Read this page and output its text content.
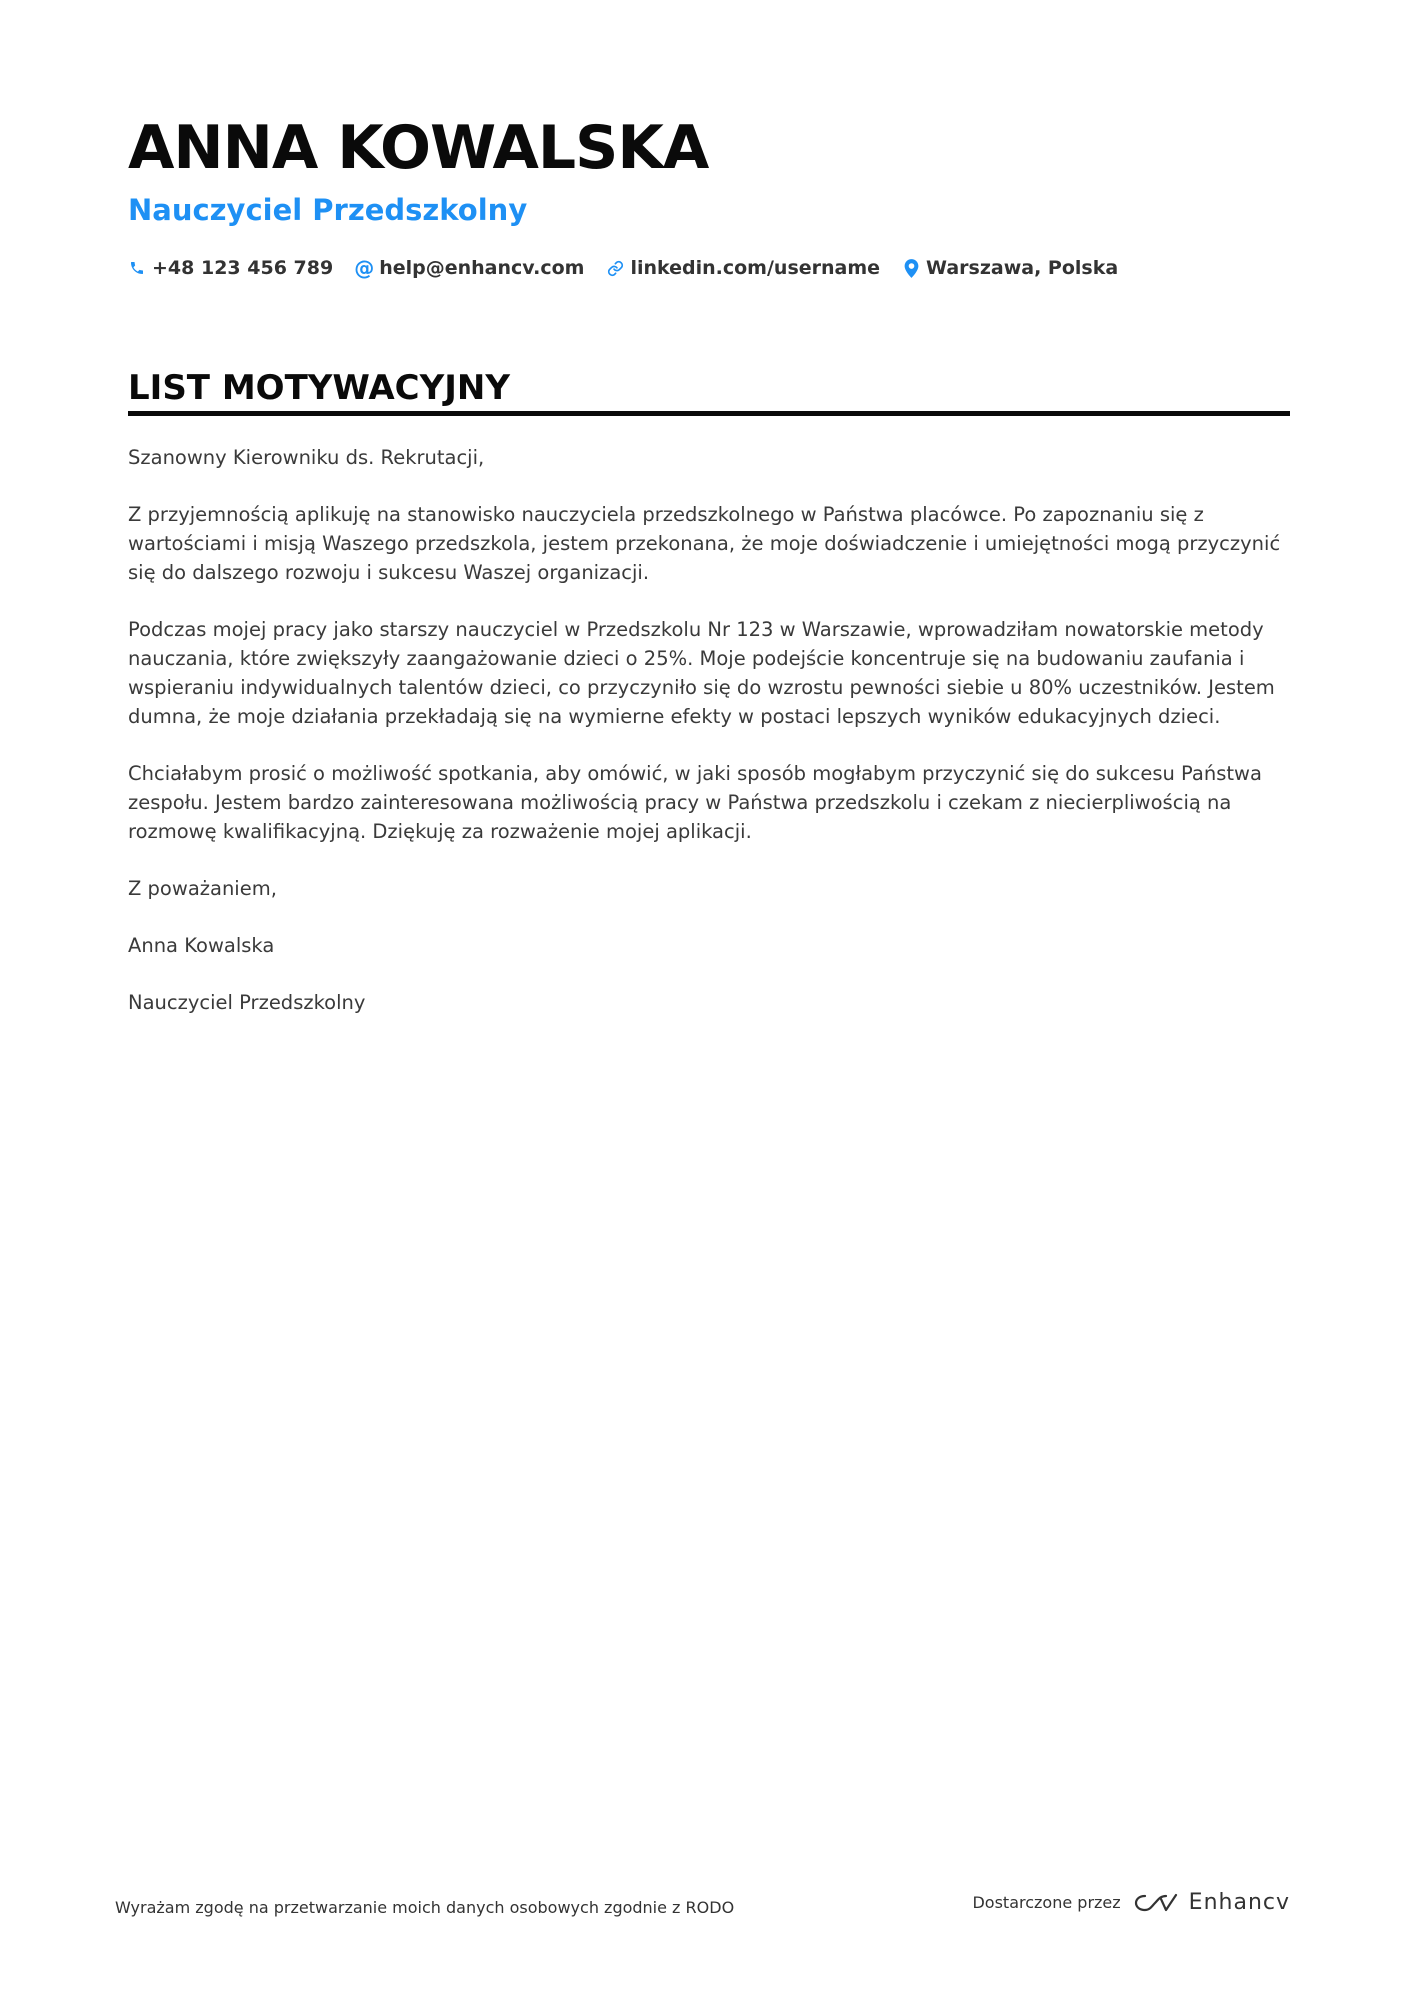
ANNA KOWALSKA
Nauczyciel Przedszkolny
+48 123 456 789 @ help@enhancv.com linkedin.com/username Warszawa, Polska
LIST MOTYWACYJNY

Szanowny Kierowniku ds. Rekrutacji,

Z przyjemnością aplikuję na stanowisko nauczyciela przedszkolnego w Państwa placówce. Po zapoznaniu się z wartościami i misją Waszego przedszkola, jestem przekonana, że moje doświadczenie i umiejętności mogą przyczynić się do dalszego rozwoju i sukcesu Waszej organizacji.

Podczas mojej pracy jako starszy nauczyciel w Przedszkolu Nr 123 w Warszawie, wprowadziłam nowatorskie metody nauczania, które zwiększyły zaangażowanie dzieci o 25%. Moje podejście koncentruje się na budowaniu zaufania i wspieraniu indywidualnych talentów dzieci, co przyczyniło się do wzrostu pewności siebie u 80% uczestników. Jestem dumna, że moje działania przekładają się na wymierne efekty w postaci lepszych wyników edukacyjnych dzieci.

Chciałabym prosić o możliwość spotkania, aby omówić, w jaki sposób mogłabym przyczynić się do sukcesu Państwa zespołu. Jestem bardzo zainteresowana możliwością pracy w Państwa przedszkolu i czekam z niecierpliwością na rozmowę kwalifikacyjną. Dziękuję za rozważenie mojej aplikacji.

Z poważaniem,

Anna Kowalska

Nauczyciel Przedszkolny

Wyrażam zgodę na przetwarzanie moich danych osobowych zgodnie z RODO	Dostarczone przez	Enhancv
